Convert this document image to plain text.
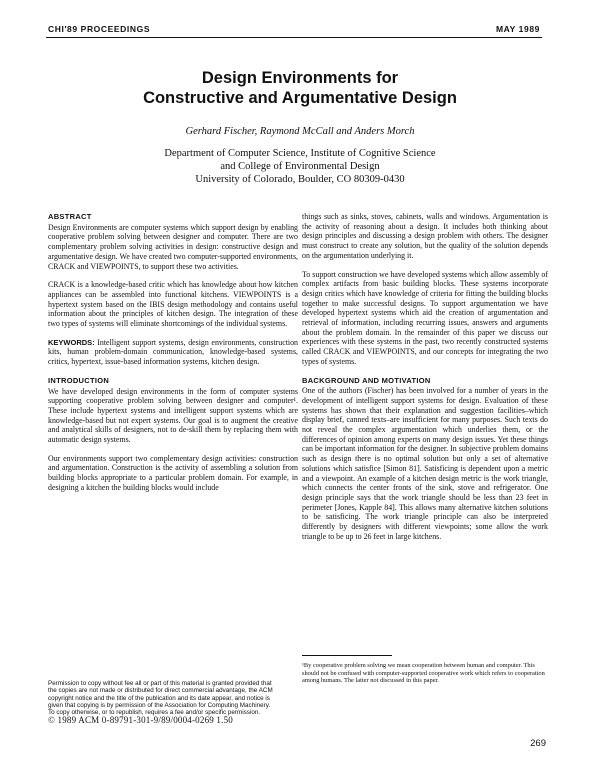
CHI'89 PROCEEDINGS	MAY 1989
Design Environments for
Constructive and Argumentative Design
Gerhard Fischer, Raymond McCall and Anders Morch
Department of Computer Science, Institute of Cognitive Science
and College of Environmental Design
University of Colorado, Boulder, CO 80309-0430
ABSTRACT

Design Environments are computer systems which support design by enabling cooperative problem solving between designer and computer. There are two complementary problem solving activities in design: constructive design and argumentative design. We have created two computer-supported environments, CRACK and VIEWPOINTS, to support these two activities.

CRACK is a knowledge-based critic which has knowledge about how kitchen appliances can be assembled into functional kitchens. VIEWPOINTS is a hypertext system based on the IBIS design methodology and contains useful information about the principles of kitchen design. The integration of these two types of systems will eliminate shortcomings of the individual systems.

KEYWORDS: Intelligent support systems, design environments, construction kits, human problem-domain communication, knowledge-based systems, critics, hypertext, issue-based information systems, kitchen design.

INTRODUCTION

We have developed design environments in the form of computer systems supporting cooperative problem solving between designer and computer¹. These include hypertext systems and intelligent support systems which are knowledge-based but not expert systems. Our goal is to augment the creative and analytical skills of designers, not to de-skill them by replacing them with automatic design systems.

Our environments support two complementary design activities: construction and argumentation. Construction is the activity of assembling a solution from building blocks appropriate to a particular problem domain. For example, in designing a kitchen the building blocks would include

things such as sinks, stoves, cabinets, walls and windows. Argumentation is the activity of reasoning about a design. It includes both thinking about design principles and discussing a design problem with others. The designer must construct to create any solution, but the quality of the solution depends on the argumentation underlying it.

To support construction we have developed systems which allow assembly of complex artifacts from basic building blocks. These systems incorporate design critics which have knowledge of criteria for fitting the building blocks together to make successful designs. To support argumentation we have developed hypertext systems which aid the creation of argumentation and retrieval of information, including recurring issues, answers and arguments about the problem domain. In the remainder of this paper we discuss our experiences with these systems in the past, two recently constructed systems called CRACK and VIEWPOINTS, and our concepts for integrating the two types of systems.

BACKGROUND AND MOTIVATION

One of the authors (Fischer) has been involved for a number of years in the development of intelligent support systems for design. Evaluation of these systems has shown that their explanation and suggestion facilities–which display brief, canned texts–are insufficient for many purposes. Such texts do not reveal the complex argumentation which underlies them, or the differences of opinion among experts on many design issues. Yet these things can be important information for the designer. In subjective problem domains such as design there is no optimal solution but only a set of alternative solutions which satisfice [Simon 81]. Satisficing is dependent upon a metric and a viewpoint. An example of a kitchen design metric is the work triangle, which connects the center fronts of the sink, stove and refrigerator. One design principle says that the work triangle should be less than 23 feet in perimeter [Jones, Kapple 84]. This allows many alternative kitchen solutions to be satisficing. The work triangle principle can also be interpreted differently by designers with different viewpoints; some allow the work triangle to be up to 26 feet in large kitchens.

Permission to copy without fee all or part of this material is granted provided that the copies are not made or distributed for direct commercial advantage, the ACM copyright notice and the title of the publication and its date appear, and notice is given that copying is by permission of the Association for Computing Machinery. To copy otherwise, or to republish, requires a fee and/or specific permission.
© 1989 ACM 0-89791-301-9/89/0004-0269 1.50
¹By cooperative problem solving we mean cooperation between human and computer. This should not be confused with computer-supported cooperative work which refers to cooperation among humans. The latter not discussed in this paper.
269
